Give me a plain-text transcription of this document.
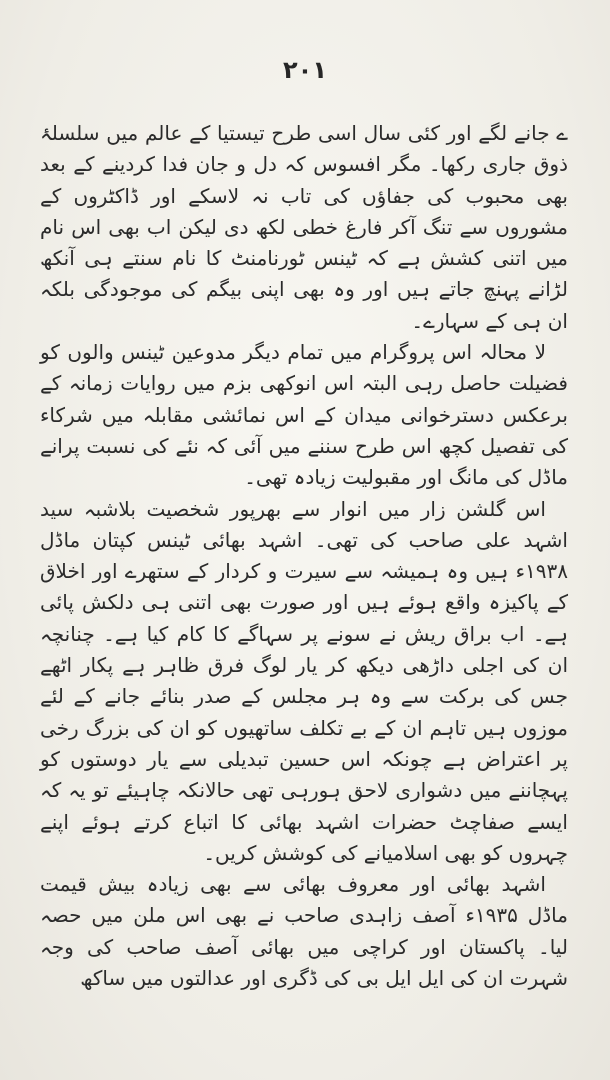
۲۰۱

ے جانے لگے اور کئی سال اسی طرح تیستیا کے عالم میں سلسلۂ ذوق جاری رکھا۔ مگر افسوس کہ دل و جان فدا کردینے کے بعد بھی محبوب کی جفاؤں کی تاب نہ لاسکے اور ڈاکٹروں کے مشوروں سے تنگ آکر فارغ خطی لکھ دی لیکن اب بھی اس نام میں اتنی کشش ہے کہ ٹینس ٹورنامنٹ کا نام سنتے ہی آنکھ لڑانے پہنچ جاتے ہیں اور وہ بھی اپنی بیگم کی موجودگی بلکہ ان ہی کے سہارے۔

لا محالہ اس پروگرام میں تمام دیگر مدوعین ٹینس والوں کو فضیلت حاصل رہی البتہ اس انوکھی بزم میں روایات زمانہ کے برعکس دسترخوانی میدان کے اس نمائشی مقابلہ میں شرکاء کی تفصیل کچھ اس طرح سننے میں آئی کہ نئے کی نسبت پرانے ماڈل کی مانگ اور مقبولیت زیادہ تھی۔

اس گلشن زار میں انوار سے بھرپور شخصیت بلاشبہ سید اشہد علی صاحب کی تھی۔ اشہد بھائی ٹینس کپتان ماڈل ۱۹۳۸ء ہیں وہ ہمیشہ سے سیرت و کردار کے ستھرے اور اخلاق کے پاکیزہ واقع ہوئے ہیں اور صورت بھی اتنی ہی دلکش پائی ہے۔ اب براق ریش نے سونے پر سہاگے کا کام کیا ہے۔ چنانچہ ان کی اجلی داڑھی دیکھ کر یار لوگ فرق ظاہر ہے پکار اٹھے جس کی برکت سے وہ ہر مجلس کے صدر بنائے جانے کے لئے موزوں ہیں تاہم ان کے بے تکلف ساتھیوں کو ان کی بزرگ رخی پر اعتراض ہے چونکہ اس حسین تبدیلی سے یار دوستوں کو پہچاننے میں دشواری لاحق ہورہی تھی حالانکہ چاہیئے تو یہ کہ ایسے صفاچٹ حضرات اشہد بھائی کا اتباع کرتے ہوئے اپنے چہروں کو بھی اسلامیانے کی کوشش کریں۔

اشہد بھائی اور معروف بھائی سے بھی زیادہ بیش قیمت ماڈل ۱۹۳۵ء آصف زاہدی صاحب نے بھی اس ملن میں حصہ لیا۔ پاکستان اور کراچی میں بھائی آصف صاحب کی وجہ شہرت ان کی ایل ایل بی کی ڈگری اور عدالتوں میں ساکھ
